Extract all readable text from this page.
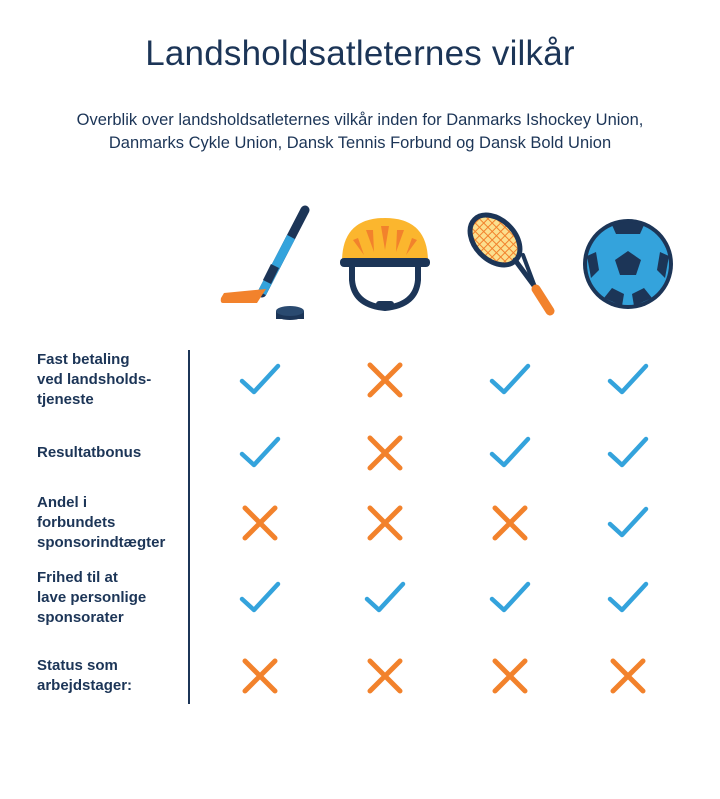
Landsholdsatleternes vilkår
Overblik over landsholdsatleternes vilkår inden for Danmarks Ishockey Union,
Danmarks Cykle Union, Dansk Tennis Forbund og Dansk Bold Union
Fast betaling
ved landsholds-
tjeneste
Resultatbonus
Andel i
forbundets
sponsorindtægter
Frihed til at
lave personlige
sponsorater
Status som
arbejdstager:
